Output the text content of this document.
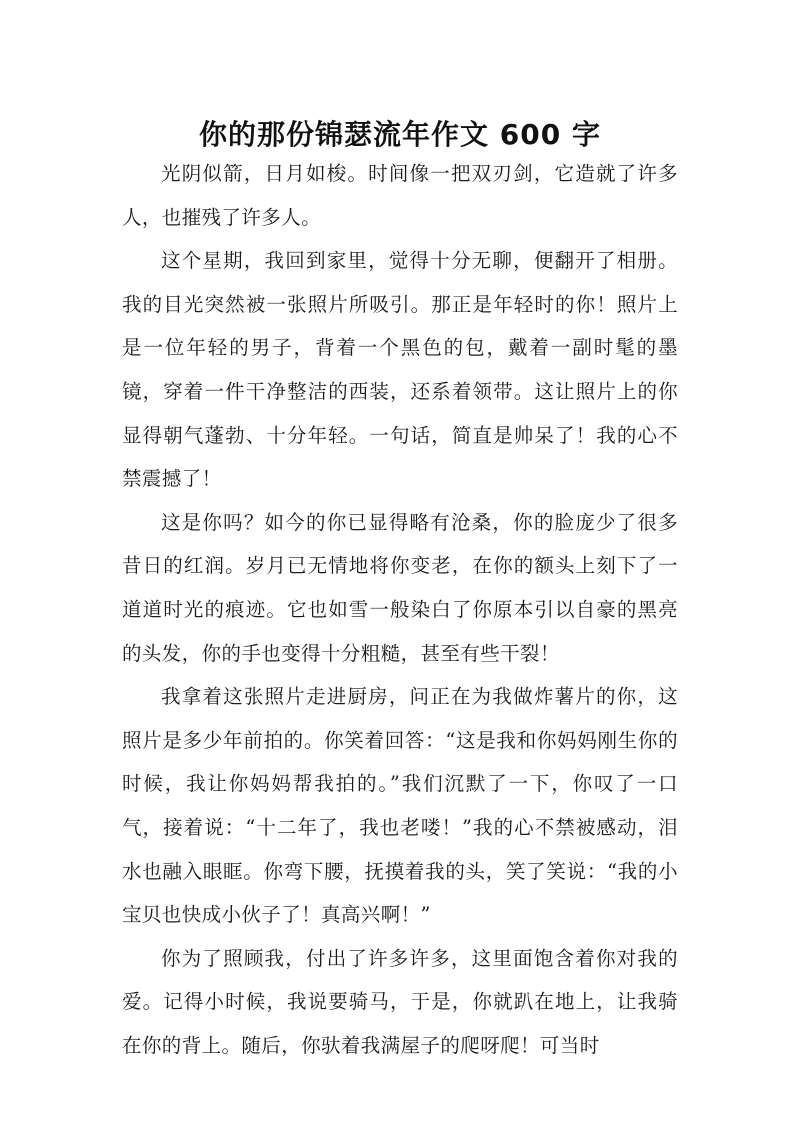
你的那份锦瑟流年作文 600 字

光阴似箭，日月如梭。时间像一把双刃剑，它造就了许多人，也摧残了许多人。

这个星期，我回到家里，觉得十分无聊，便翻开了相册。我的目光突然被一张照片所吸引。那正是年轻时的你！照片上是一位年轻的男子，背着一个黑色的包，戴着一副时髦的墨镜，穿着一件干净整洁的西装，还系着领带。这让照片上的你显得朝气蓬勃、十分年轻。一句话，简直是帅呆了！我的心不禁震撼了！

这是你吗？如今的你已显得略有沧桑，你的脸庞少了很多昔日的红润。岁月已无情地将你变老，在你的额头上刻下了一道道时光的痕迹。它也如雪一般染白了你原本引以自豪的黑亮的头发，你的手也变得十分粗糙，甚至有些干裂！

我拿着这张照片走进厨房，问正在为我做炸薯片的你，这照片是多少年前拍的。你笑着回答：“这是我和你妈妈刚生你的时候，我让你妈妈帮我拍的。”我们沉默了一下，你叹了一口气，接着说：“十二年了，我也老喽！”我的心不禁被感动，泪水也融入眼眶。你弯下腰，抚摸着我的头，笑了笑说：“我的小宝贝也快成小伙子了！真高兴啊！”

你为了照顾我，付出了许多许多，这里面饱含着你对我的爱。记得小时候，我说要骑马，于是，你就趴在地上，让我骑在你的背上。随后，你驮着我满屋子的爬呀爬！可当时
